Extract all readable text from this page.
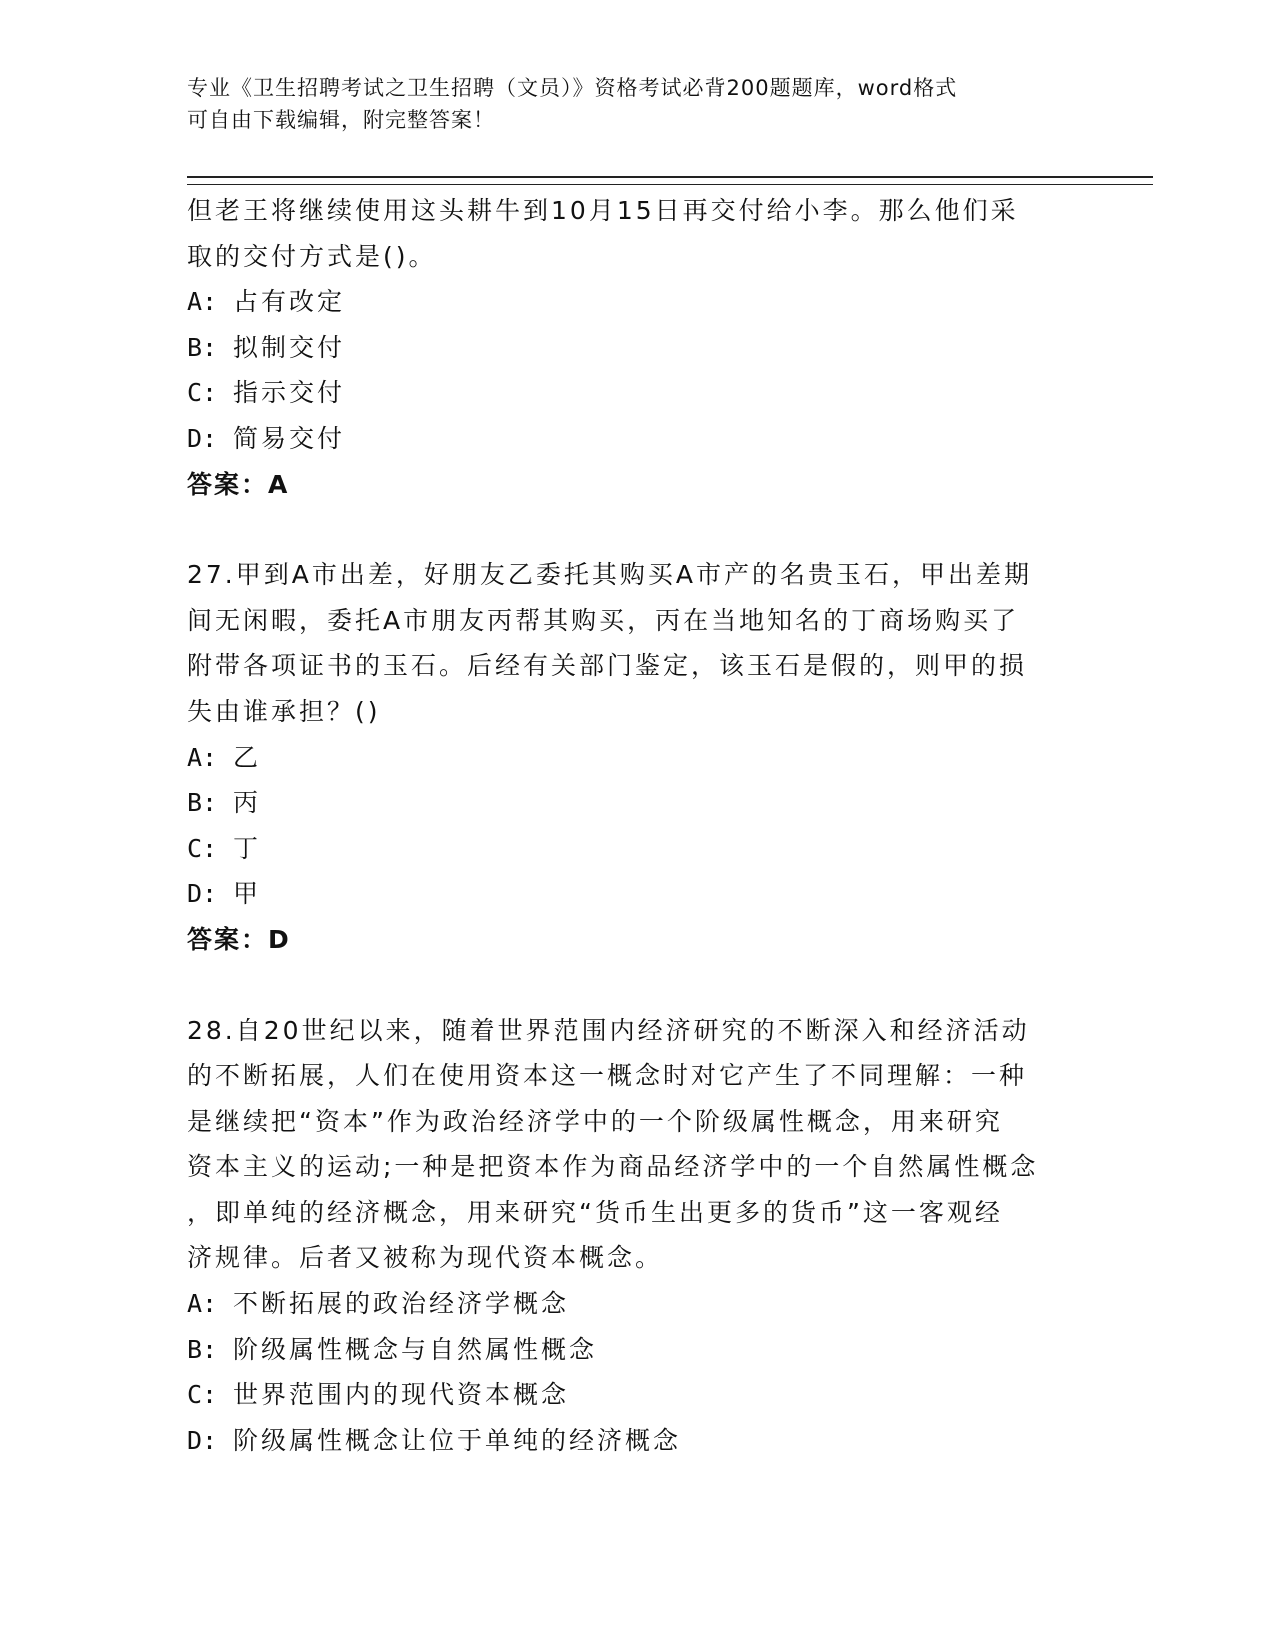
专业《卫生招聘考试之卫生招聘（文员）》资格考试必背200题题库，word格式
可自由下载编辑，附完整答案！
但老王将继续使用这头耕牛到10月15日再交付给小李。那么他们采
取的交付方式是()。
A: 占有改定
B: 拟制交付
C: 指示交付
D: 简易交付
答案：A
27.甲到A市出差，好朋友乙委托其购买A市产的名贵玉石，甲出差期
间无闲暇，委托A市朋友丙帮其购买，丙在当地知名的丁商场购买了
附带各项证书的玉石。后经有关部门鉴定，该玉石是假的，则甲的损
失由谁承担？()
A: 乙
B: 丙
C: 丁
D: 甲
答案：D
28.自20世纪以来，随着世界范围内经济研究的不断深入和经济活动
的不断拓展，人们在使用资本这一概念时对它产生了不同理解：一种
是继续把“资本”作为政治经济学中的一个阶级属性概念，用来研究
资本主义的运动;一种是把资本作为商品经济学中的一个自然属性概念
，即单纯的经济概念，用来研究“货币生出更多的货币”这一客观经
济规律。后者又被称为现代资本概念。
A: 不断拓展的政治经济学概念
B: 阶级属性概念与自然属性概念
C: 世界范围内的现代资本概念
D: 阶级属性概念让位于单纯的经济概念
